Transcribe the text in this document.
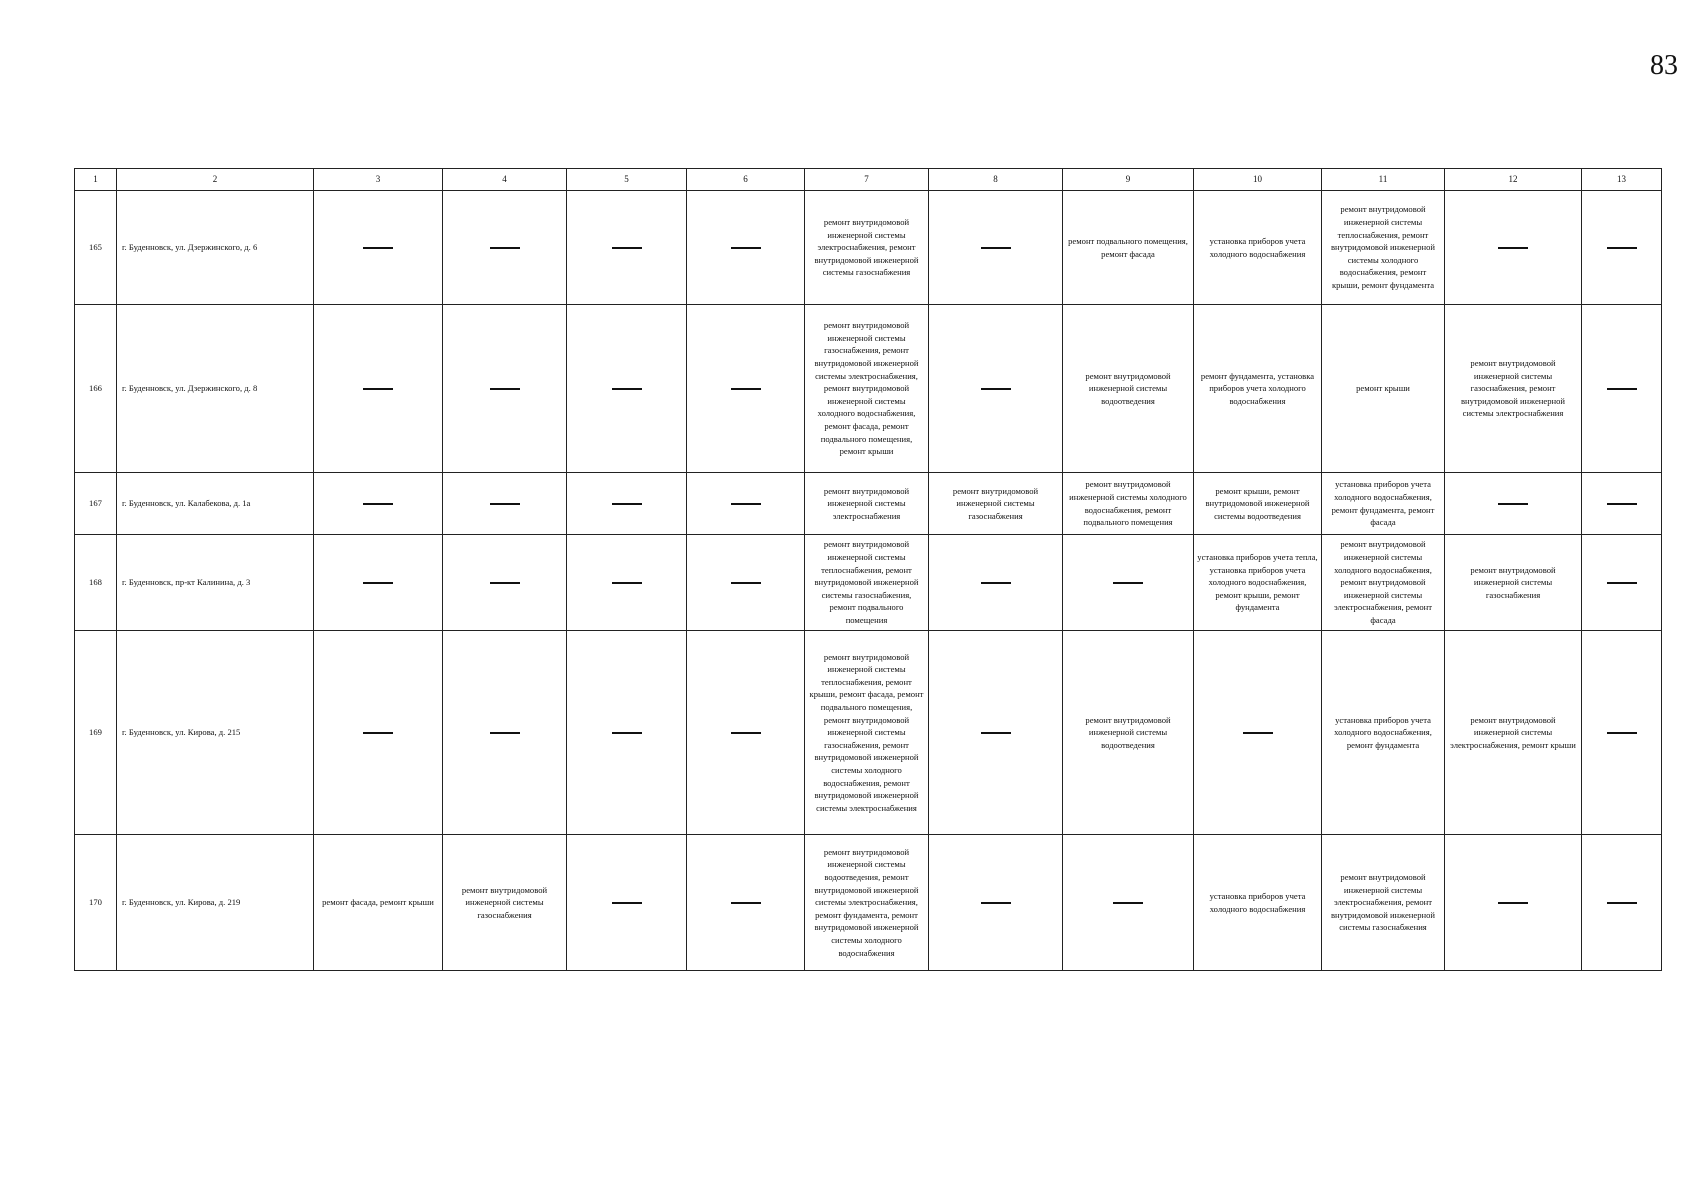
83
1	2	3	4	5	6	7	8	9	10	11	12	13
165	г. Буденновск, ул. Дзержинского, д. 6					ремонт внутридомовой инженерной системы электроснабжения, ремонт внутридомовой инженерной системы газоснабжения		ремонт подвального помещения, ремонт фасада	установка приборов учета холодного водоснабжения	ремонт внутридомовой инженерной системы теплоснабжения, ремонт внутридомовой инженерной системы холодного водоснабжения, ремонт крыши, ремонт фундамента		
166	г. Буденновск, ул. Дзержинского, д. 8					ремонт внутридомовой инженерной системы газоснабжения, ремонт внутридомовой инженерной системы электроснабжения, ремонт внутридомовой инженерной системы холодного водоснабжения, ремонт фасада, ремонт подвального помещения, ремонт крыши		ремонт внутридомовой инженерной системы водоотведения	ремонт фундамента, установка приборов учета холодного водоснабжения	ремонт крыши	ремонт внутридомовой инженерной системы газоснабжения, ремонт внутридомовой инженерной системы электроснабжения	
167	г. Буденновск, ул. Калабекова, д. 1а					ремонт внутридомовой инженерной системы электроснабжения	ремонт внутридомовой инженерной системы газоснабжения	ремонт внутридомовой инженерной системы холодного водоснабжения, ремонт подвального помещения	ремонт крыши, ремонт внутридомовой инженерной системы водоотведения	установка приборов учета холодного водоснабжения, ремонт фундамента, ремонт фасада		
168	г. Буденновск, пр-кт Калинина, д. 3					ремонт внутридомовой инженерной системы теплоснабжения, ремонт внутридомовой инженерной системы газоснабжения, ремонт подвального помещения			установка приборов учета тепла, установка приборов учета холодного водоснабжения, ремонт крыши, ремонт фундамента	ремонт внутридомовой инженерной системы холодного водоснабжения, ремонт внутридомовой инженерной системы электроснабжения, ремонт фасада	ремонт внутридомовой инженерной системы газоснабжения	
169	г. Буденновск, ул. Кирова, д. 215					ремонт внутридомовой инженерной системы теплоснабжения, ремонт крыши, ремонт фасада, ремонт подвального помещения, ремонт внутридомовой инженерной системы газоснабжения, ремонт внутридомовой инженерной системы холодного водоснабжения, ремонт внутридомовой инженерной системы электроснабжения		ремонт внутридомовой инженерной системы водоотведения		установка приборов учета холодного водоснабжения, ремонт фундамента	ремонт внутридомовой инженерной системы электроснабжения, ремонт крыши	
170	г. Буденновск, ул. Кирова, д. 219	ремонт фасада, ремонт крыши	ремонт внутридомовой инженерной системы газоснабжения			ремонт внутридомовой инженерной системы водоотведения, ремонт внутридомовой инженерной системы электроснабжения, ремонт фундамента, ремонт внутридомовой инженерной системы холодного водоснабжения			установка приборов учета холодного водоснабжения	ремонт внутридомовой инженерной системы электроснабжения, ремонт внутридомовой инженерной системы газоснабжения		
